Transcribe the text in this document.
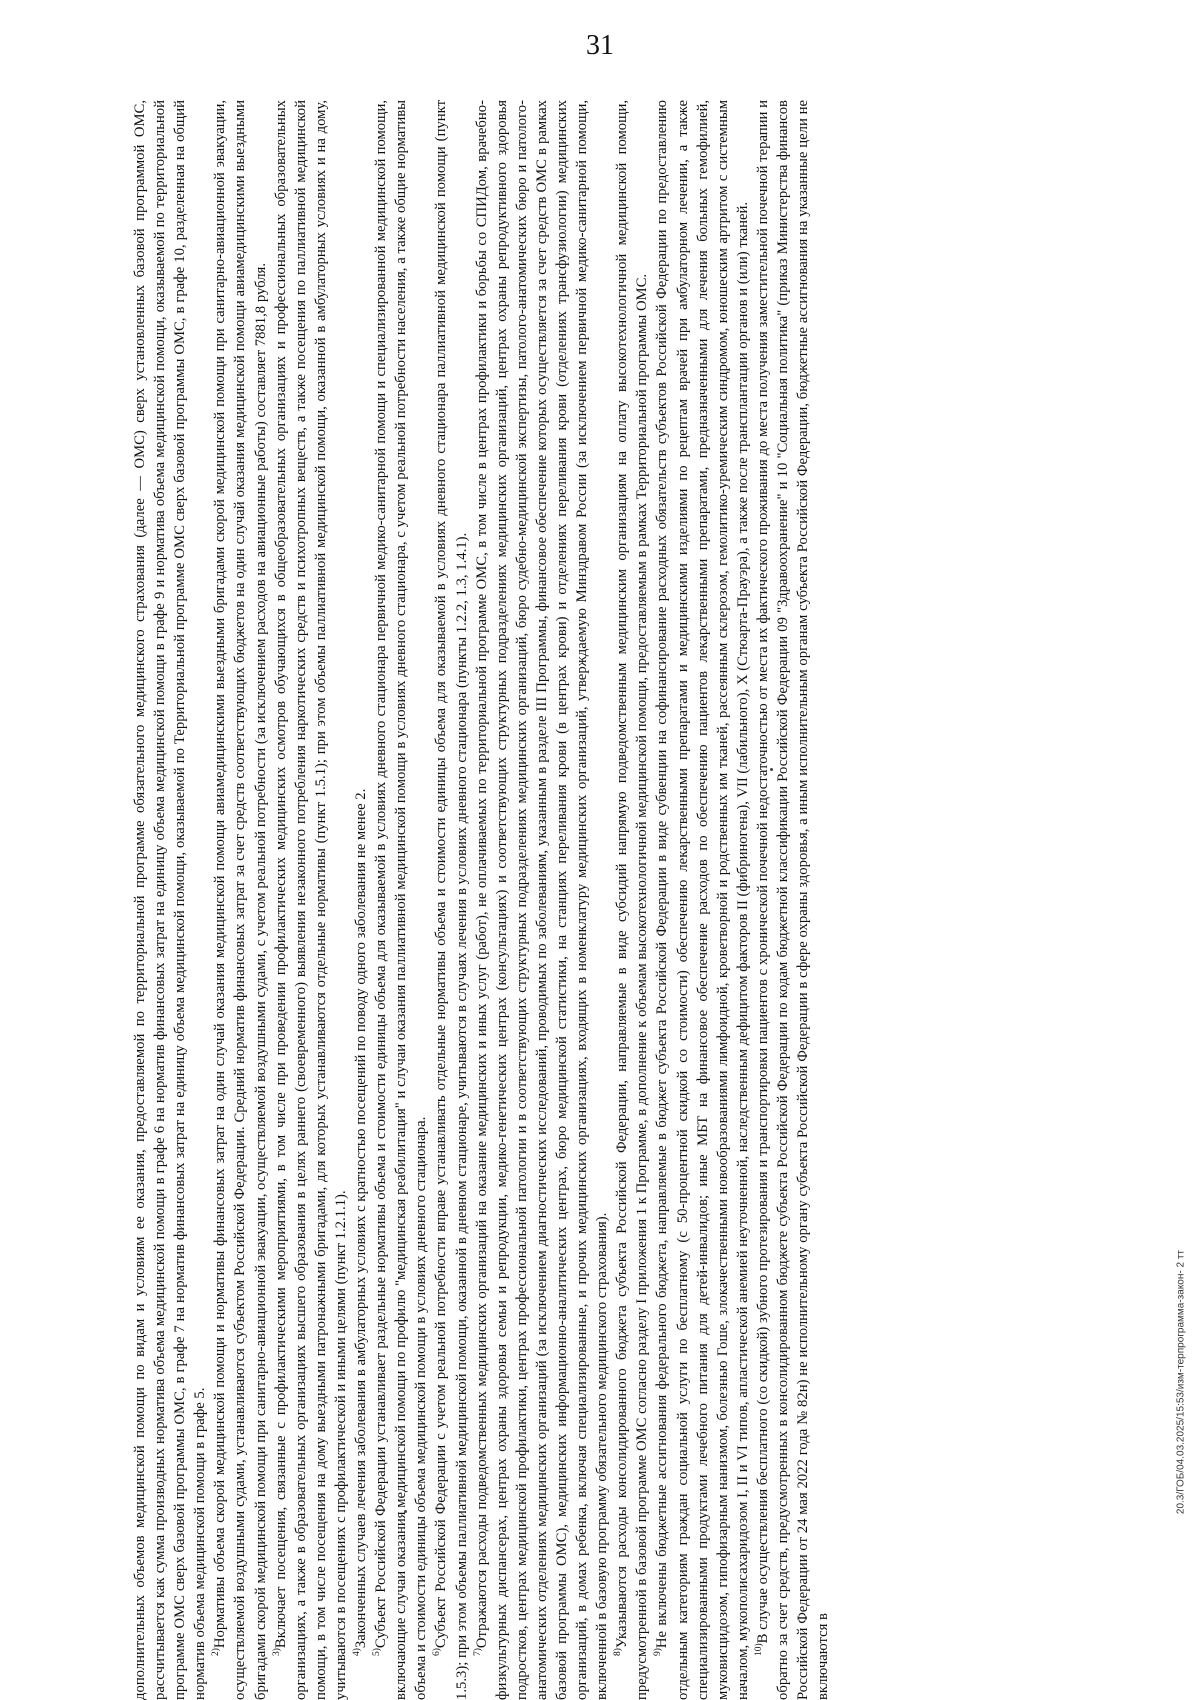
31

дополнительных объемов медицинской помощи по видам и условиям ее оказания, предоставляемой по территориальной программе обязательного медицинского страхования (далее — ОМС) сверх установленных базовой программой ОМС, рассчитывается как сумма производных норматива объема медицинской помощи в графе 6 на норматив финансовых затрат на единицу объема медицинской помощи в графе 9 и норматива объема медицинской помощи, оказываемой по территориальной программе ОМС сверх базовой программы ОМС, в графе 7 на норматив финансовых затрат на единицу объема медицинской помощи, оказываемой по Территориальной программе ОМС сверх базовой программы ОМС, в графе 10, разделенная на общий норматив объема медицинской помощи в графе 5. $^{2)}$Нормативы объема скорой медицинской помощи и нормативы финансовых затрат на один случай оказания медицинской помощи авиамедицинскими выездными бригадами скорой медицинской помощи при санитарно-авиационной эвакуации, осуществляемой воздушными судами, устанавливаются субъектом Российской Федерации. Средний норматив финансовых затрат за счет средств соответствующих бюджетов на один случай оказания медицинской помощи авиамедицинскими выездными бригадами скорой медицинской помощи при санитарно-авиационной эвакуации, осуществляемой воздушными судами, с учетом реальной потребности (за исключением расходов на авиационные работы) составляет 7881,8 рубля. $^{3)}$Включает посещения, связанные с профилактическими мероприятиями, в том числе при проведении профилактических медицинских осмотров обучающихся в общеобразовательных организациях и профессиональных образовательных организациях, а также в образовательных организациях высшего образования в целях раннего (своевременного) выявления незаконного потребления наркотических средств и психотропных веществ, а также посещения по паллиативной медицинской помощи, в том числе посещения на дому выездными патронажными бригадами, для которых устанавливаются отдельные нормативы (пункт 1.5.1); при этом объемы паллиативной медицинской помощи, оказанной в амбулаторных условиях и на дому, учитываются в посещениях с профилактической и иными целями (пункт 1.2.1.1). $^{4)}$Законченных случаев лечения заболевания в амбулаторных условиях с кратностью посещений по поводу одного заболевания не менее 2.

$^{5)}$Субъект Российской Федерации устанавливает раздельные нормативы объема и стоимости единицы объема для оказываемой в условиях дневного стационара первичной медико-санитарной помощи и специализированной медицинской помощи, включающие случаи оказания медицинской помощи по профилю "медицинская реабилитация" и случаи оказания паллиативной медицинской помощи в условиях дневного стационара, с учетом реальной потребности населения, а также общие нормативы объема и стоимости единицы объема медицинской помощи в условиях дневного стационара. $^{6)}$Субъект Российской Федерации с учетом реальной потребности вправе устанавливать отдельные нормативы объема и стоимости единицы объема для оказываемой в условиях дневного стационара паллиативной медицинской помощи (пункт 1.5.3); при этом объемы паллиативной медицинской помощи, оказанной в дневном стационаре, учитываются в случаях лечения в условиях дневного стационара (пункты 1.2.2, 1.3, 1.4.1). $^{7)}$Отражаются расходы подведомственных медицинских организаций на оказание медицинских и иных услуг (работ), не оплачиваемых по территориальной программе ОМС, в том числе в центрах профилактики и борьбы со СПИДом, врачебно-физкультурных диспансерах, центрах охраны здоровья семьи и репродукции, медико-генетических центрах (консультациях) и соответствующих структурных подразделениях медицинских организаций, центрах охраны репродуктивного здоровья подростков, центрах медицинской профилактики, центрах профессиональной патологии и в соответствующих структурных подразделениях медицинских организаций, бюро судебно-медицинской экспертизы, патолого-анатомических бюро и патолого-анатомических отделениях медицинских организаций (за исключением диагностических исследований, проводимых по заболеваниям, указанным в разделе III Программы, финансовое обеспечение которых осуществляется за счет средств ОМС в рамках базовой программы ОМС), медицинских информационно-аналитических центрах, бюро медицинской статистики, на станциях переливания крови (в центрах крови) и отделениях переливания крови (отделениях трансфузиологии) медицинских организаций, в домах ребенка, включая специализированные, и прочих медицинских организациях, входящих в номенклатуру медицинских организаций, утверждаемую Минздравом России (за исключением первичной медико-санитарной помощи, включенной в базовую программу обязательного медицинского страхования). $^{8)}$Указываются расходы консолидированного бюджета субъекта Российской Федерации, направляемые в виде субсидий напрямую подведомственным медицинским организациям на оплату высокотехнологичной медицинской помощи, предусмотренной в базовой программе ОМС согласно разделу I приложения 1 к Программе, в дополнение к объемам высокотехнологичной медицинской помощи, предоставляемым в рамках Территориальной программы ОМС. $^{9)}$Не включены бюджетные ассигнования федерального бюджета, направляемые в бюджет субъекта Российской Федерации в виде субвенции на софинансирование расходных обязательств субъектов Российской Федерации по предоставлению отдельным категориям граждан социальной услуги по бесплатному (с 50-процентной скидкой со стоимости) обеспечению лекарственными препаратами и медицинскими изделиями по рецептам врачей при амбулаторном лечении, а также специализированными продуктами лечебного питания для детей-инвалидов; иные МБТ на финансовое обеспечение расходов по обеспечению пациентов лекарственными препаратами, предназначенными для лечения больных гемофилией, муковисцидозом, гипофизарным нанизмом, болезнью Гоше, злокачественными новообразованиями лимфоидной, кроветворной и родственных им тканей, рассеянным склерозом, гемолитико-уремическим синдромом, юношеским артритом с системным началом, мукополисахаридозом I, II и VI типов, апластической анемией неуточненной, наследственным дефицитом факторов II (фибриногена), VII (лабильного), X (Стюарта-Прауэра), а также после трансплантации органов и (или) тканей. $^{10)}$В случае осуществления бесплатного (со скидкой) зубного протезирования и транспортировки пациентов с хронической почечной недостаточностью от места их фактического проживания до места получения заместительной почечной терапии и обратно за счет средств, предусмотренных в консолидированном бюджете субъекта Российской Федерации по кодам бюджетной классификации Российской Федерации 09 "Здравоохранение" и 10 "Социальная политика" (приказ Министерства финансов Российской Федерации от 24 мая 2022 года № 82н) не исполнительному органу субъекта Российской Федерации в сфере охраны здоровья, а иным исполнительным органам субъекта Российской Федерации, бюджетные ассигнования на указанные цели не включаются в

20.3/ГОБ/04.03.2025/15:53/изм-терпрограмма-закон- 2 тт
